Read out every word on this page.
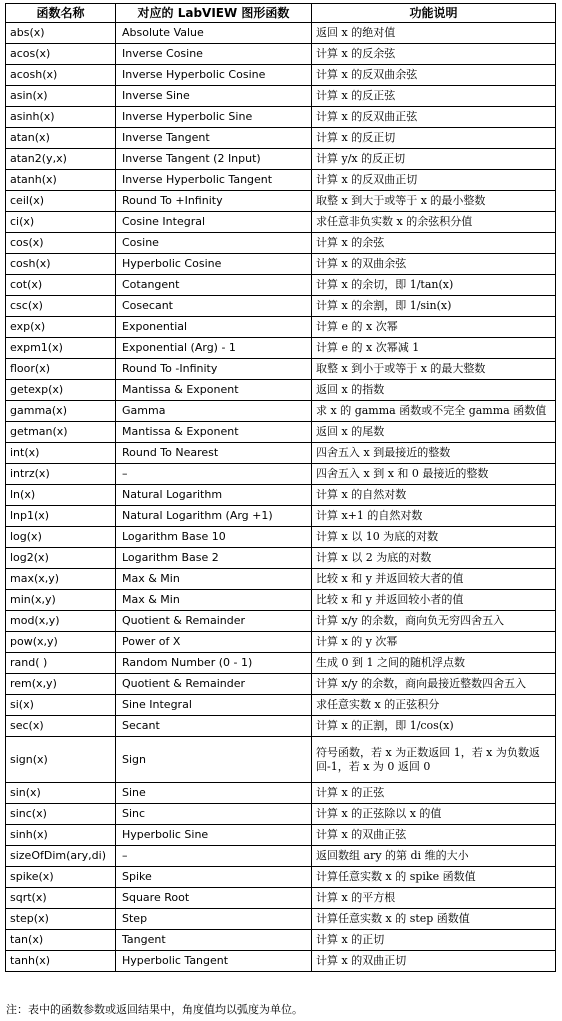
函数名称	对应的 LabVIEW 图形函数	功能说明
abs(x)	Absolute Value	返回 x 的绝对值
acos(x)	Inverse Cosine	计算 x 的反余弦
acosh(x)	Inverse Hyperbolic Cosine	计算 x 的反双曲余弦
asin(x)	Inverse Sine	计算 x 的反正弦
asinh(x)	Inverse Hyperbolic Sine	计算 x 的反双曲正弦
atan(x)	Inverse Tangent	计算 x 的反正切
atan2(y,x)	Inverse Tangent (2 Input)	计算 y/x 的反正切
atanh(x)	Inverse Hyperbolic Tangent	计算 x 的反双曲正切
ceil(x)	Round To +Infinity	取整 x 到大于或等于 x 的最小整数
ci(x)	Cosine Integral	求任意非负实数 x 的余弦积分值
cos(x)	Cosine	计算 x 的余弦
cosh(x)	Hyperbolic Cosine	计算 x 的双曲余弦
cot(x)	Cotangent	计算 x 的余切，即 1/tan(x)
csc(x)	Cosecant	计算 x 的余割，即 1/sin(x)
exp(x)	Exponential	计算 e 的 x 次幂
expm1(x)	Exponential (Arg) - 1	计算 e 的 x 次幂减 1
floor(x)	Round To -Infinity	取整 x 到小于或等于 x 的最大整数
getexp(x)	Mantissa & Exponent	返回 x 的指数
gamma(x)	Gamma	求 x 的 gamma 函数或不完全 gamma 函数值
getman(x)	Mantissa & Exponent	返回 x 的尾数
int(x)	Round To Nearest	四舍五入 x 到最接近的整数
intrz(x)	–	四舍五入 x 到 x 和 0 最接近的整数
ln(x)	Natural Logarithm	计算 x 的自然对数
lnp1(x)	Natural Logarithm (Arg +1)	计算 x+1 的自然对数
log(x)	Logarithm Base 10	计算 x 以 10 为底的对数
log2(x)	Logarithm Base 2	计算 x 以 2 为底的对数
max(x,y)	Max & Min	比较 x 和 y 并返回较大者的值
min(x,y)	Max & Min	比较 x 和 y 并返回较小者的值
mod(x,y)	Quotient & Remainder	计算 x/y 的余数，商向负无穷四舍五入
pow(x,y)	Power of X	计算 x 的 y 次幂
rand( )	Random Number (0 - 1)	生成 0 到 1 之间的随机浮点数
rem(x,y)	Quotient & Remainder	计算 x/y 的余数，商向最接近整数四舍五入
si(x)	Sine Integral	求任意实数 x 的正弦积分
sec(x)	Secant	计算 x 的正割，即 1/cos(x)
sign(x)	Sign	符号函数，若 x 为正数返回 1，若 x 为负数返回-1，若 x 为 0 返回 0
sin(x)	Sine	计算 x 的正弦
sinc(x)	Sinc	计算 x 的正弦除以 x 的值
sinh(x)	Hyperbolic Sine	计算 x 的双曲正弦
sizeOfDim(ary,di)	–	返回数组 ary 的第 di 维的大小
spike(x)	Spike	计算任意实数 x 的 spike 函数值
sqrt(x)	Square Root	计算 x 的平方根
step(x)	Step	计算任意实数 x 的 step 函数值
tan(x)	Tangent	计算 x 的正切
tanh(x)	Hyperbolic Tangent	计算 x 的双曲正切
注：表中的函数参数或返回结果中，角度值均以弧度为单位。
